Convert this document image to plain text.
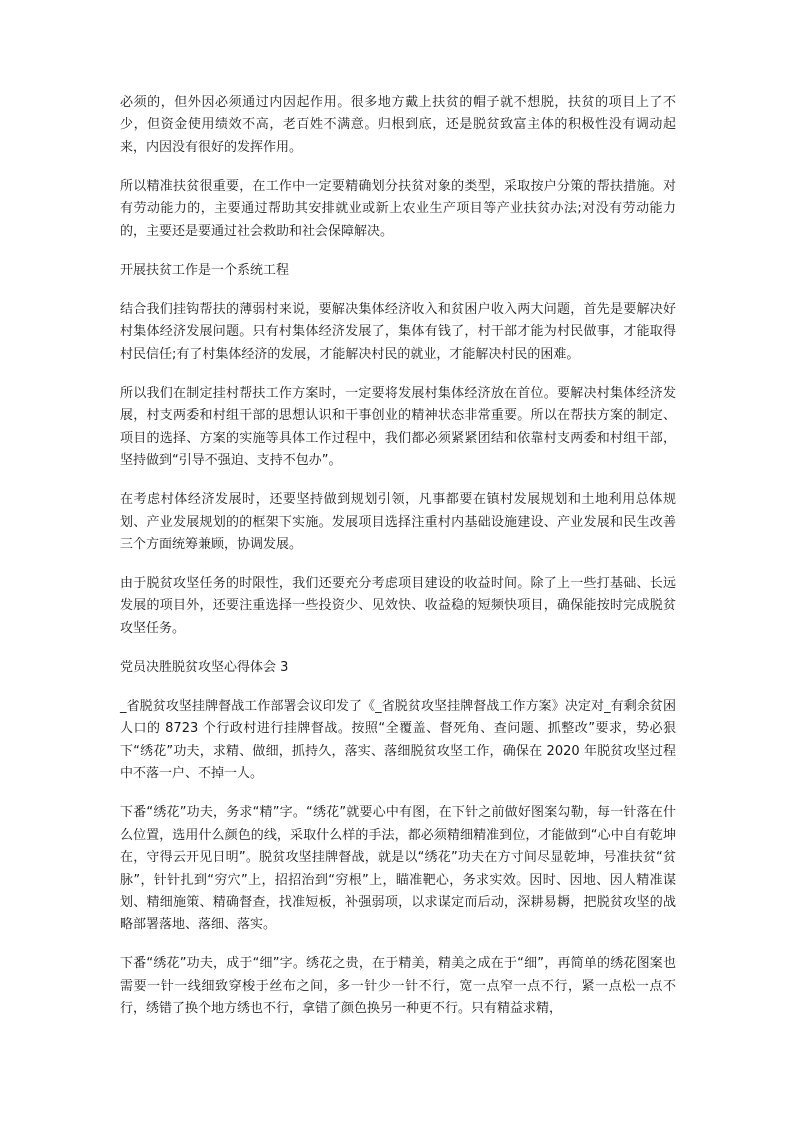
必须的，但外因必须通过内因起作用。很多地方戴上扶贫的帽子就不想脱，扶贫的项目上了不少，但资金使用绩效不高，老百姓不满意。归根到底，还是脱贫致富主体的积极性没有调动起来，内因没有很好的发挥作用。

所以精准扶贫很重要，在工作中一定要精确划分扶贫对象的类型，采取按户分策的帮扶措施。对有劳动能力的，主要通过帮助其安排就业或新上农业生产项目等产业扶贫办法;对没有劳动能力的，主要还是要通过社会救助和社会保障解决。

开展扶贫工作是一个系统工程

结合我们挂钩帮扶的薄弱村来说，要解决集体经济收入和贫困户收入两大问题，首先是要解决好村集体经济发展问题。只有村集体经济发展了，集体有钱了，村干部才能为村民做事，才能取得村民信任;有了村集体经济的发展，才能解决村民的就业，才能解决村民的困难。

所以我们在制定挂村帮扶工作方案时，一定要将发展村集体经济放在首位。要解决村集体经济发展，村支两委和村组干部的思想认识和干事创业的精神状态非常重要。所以在帮扶方案的制定、项目的选择、方案的实施等具体工作过程中，我们都必须紧紧团结和依靠村支两委和村组干部，坚持做到“引导不强迫、支持不包办”。

在考虑村体经济发展时，还要坚持做到规划引领，凡事都要在镇村发展规划和土地利用总体规划、产业发展规划的的框架下实施。发展项目选择注重村内基础设施建设、产业发展和民生改善三个方面统筹兼顾，协调发展。

由于脱贫攻坚任务的时限性，我们还要充分考虑项目建设的收益时间。除了上一些打基础、长远发展的项目外，还要注重选择一些投资少、见效快、收益稳的短频快项目，确保能按时完成脱贫攻坚任务。

党员决胜脱贫攻坚心得体会 3

_省脱贫攻坚挂牌督战工作部署会议印发了《_省脱贫攻坚挂牌督战工作方案》决定对_有剩余贫困人口的 8723 个行政村进行挂牌督战。按照“全覆盖、督死角、查问题、抓整改”要求，势必狠下“绣花”功夫，求精、做细，抓持久，落实、落细脱贫攻坚工作，确保在 2020 年脱贫攻坚过程中不落一户、不掉一人。

下番“绣花”功夫，务求“精”字。“绣花”就要心中有图，在下针之前做好图案勾勒，每一针落在什么位置，选用什么颜色的线，采取什么样的手法，都必须精细精准到位，才能做到“心中自有乾坤在，守得云开见日明”。脱贫攻坚挂牌督战，就是以“绣花”功夫在方寸间尽显乾坤，号准扶贫“贫脉”，针针扎到“穷穴”上，招招治到“穷根”上，瞄准靶心，务求实效。因时、因地、因人精准谋划、精细施策、精确督查，找准短板，补强弱项，以求谋定而后动，深耕易耨，把脱贫攻坚的战略部署落地、落细、落实。

下番“绣花”功夫，成于“细”字。绣花之贵，在于精美，精美之成在于“细”，再简单的绣花图案也需要一针一线细致穿梭于丝布之间，多一针少一针不行，宽一点窄一点不行，紧一点松一点不行，绣错了换个地方绣也不行，拿错了颜色换另一种更不行。只有精益求精，
